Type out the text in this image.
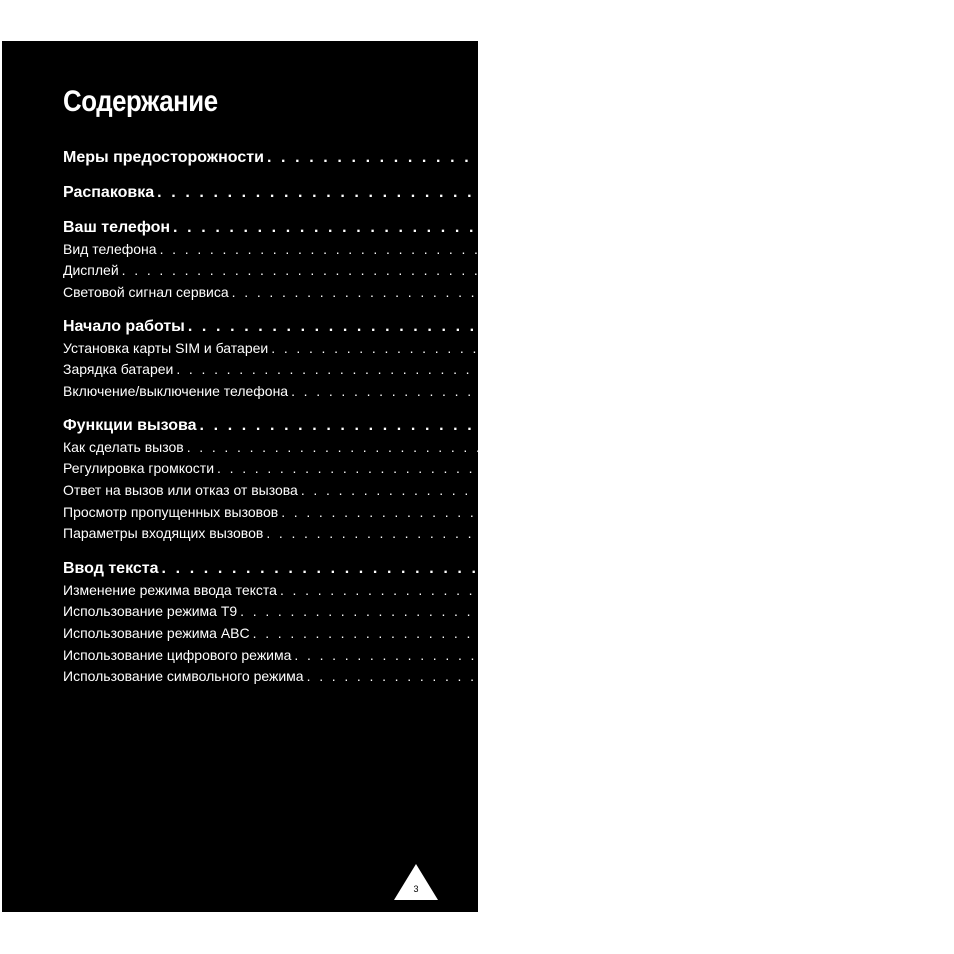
Содержание
Меры предосторожности . . . . . . . . . . . . . . . . . . . . . . . . . . . . . . . . . 7
Распаковка . . . . . . . . . . . . . . . . . . . . . . . . . . . . . . . . . 9
Ваш телефон . . . . . . . . . . . . . . . . . . . . . . . . . . . . . . . . . 10
Вид телефона . . . . . . . . . . . . . . . . . . . . . . . . . . . . . . . . . . . . . . . . . . 10
Дисплей . . . . . . . . . . . . . . . . . . . . . . . . . . . . . . . . . . . . . . . . . . 12
Световой сигнал сервиса . . . . . . . . . . . . . . . . . . . . . . . . . . . . . . . . . . . . . . . . . . 14
Начало работы . . . . . . . . . . . . . . . . . . . . . . . . . . . . . . . . . 15
Установка карты SIM и батареи . . . . . . . . . . . . . . . . . . . . . . . . . . . . . . . . . . . . . . . . . . 15
Зарядка батареи . . . . . . . . . . . . . . . . . . . . . . . . . . . . . . . . . . . . . . . . . . 18
Включение/выключение телефона . . . . . . . . . . . . . . . . . . . . . . . . . . . . . . . . . . . . . . . . . . 20
Функции вызова . . . . . . . . . . . . . . . . . . . . . . . . . . . . . . . . . 22
Как сделать вызов . . . . . . . . . . . . . . . . . . . . . . . . . . . . . . . . . . . . . . . . . . 22
Регулировка громкости . . . . . . . . . . . . . . . . . . . . . . . . . . . . . . . . . . . . . . . . . . 24
Ответ на вызов или отказ от вызова . . . . . . . . . . . . . . . . . . . . . . . . . . . . . . . . . . . . . . . . . . 25
Просмотр пропущенных вызовов . . . . . . . . . . . . . . . . . . . . . . . . . . . . . . . . . . . . . . . . . . 26
Параметры входящих вызовов . . . . . . . . . . . . . . . . . . . . . . . . . . . . . . . . . . . . . . . . . . 28
Ввод текста . . . . . . . . . . . . . . . . . . . . . . . . . . . . . . . . . 35
Изменение режима ввода текста . . . . . . . . . . . . . . . . . . . . . . . . . . . . . . . . . . . . . . . . . . 36
Использование режима T9 . . . . . . . . . . . . . . . . . . . . . . . . . . . . . . . . . . . . . . . . . . 36
Использование режима ABC . . . . . . . . . . . . . . . . . . . . . . . . . . . . . . . . . . . . . . . . . . 38
Использование цифрового режима . . . . . . . . . . . . . . . . . . . . . . . . . . . . . . . . . . . . . . . . . . 40
Использование символьного режима . . . . . . . . . . . . . . . . . . . . . . . . . . . . . . . . . . . . . . . . . . 40
3
